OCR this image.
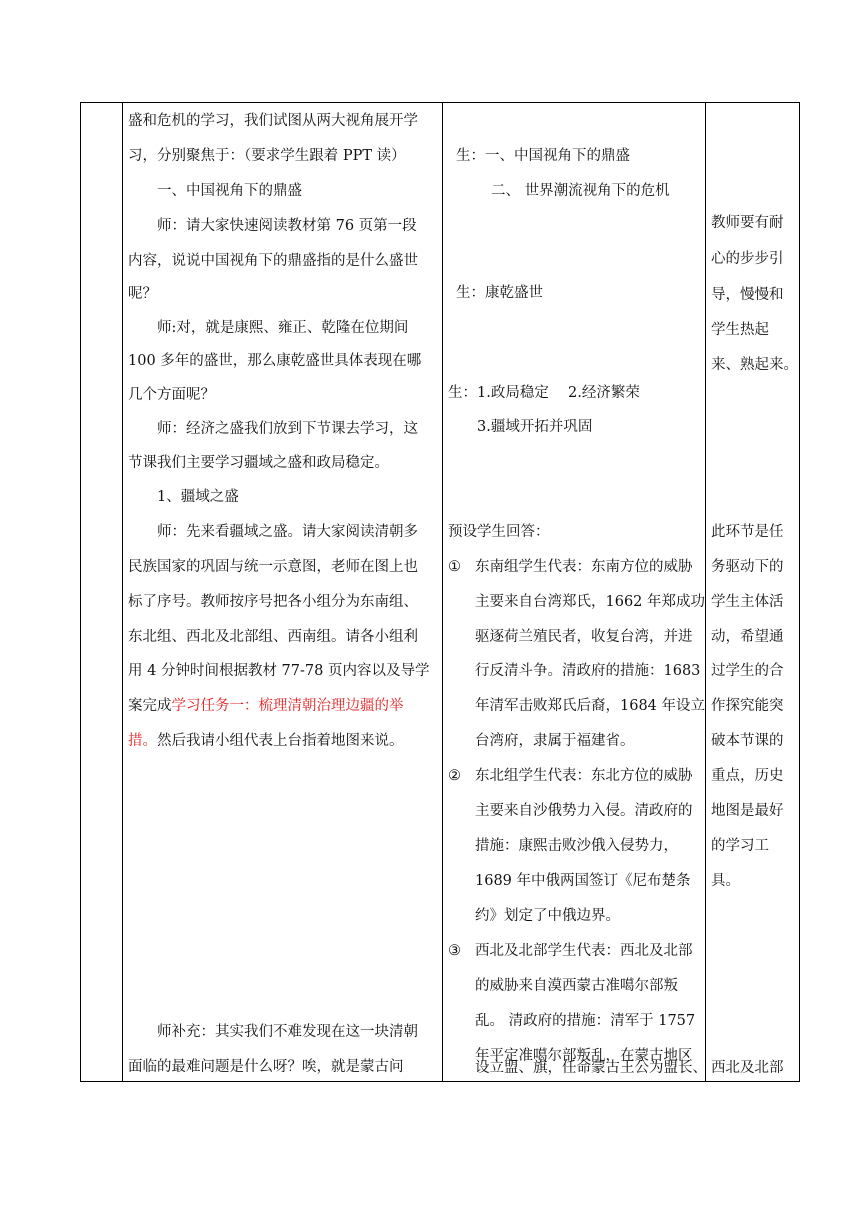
盛和危机的学习，我们试图从两大视角展开学
习，分别聚焦于：（要求学生跟着 PPT 读）
一、中国视角下的鼎盛
师：请大家快速阅读教材第 76 页第一段
内容，说说中国视角下的鼎盛指的是什么盛世
呢？
师:对，就是康熙、雍正、乾隆在位期间
100 多年的盛世，那么康乾盛世具体表现在哪
几个方面呢？
师：经济之盛我们放到下节课去学习，这
节课我们主要学习疆域之盛和政局稳定。
1、疆域之盛
师：先来看疆域之盛。请大家阅读清朝多
民族国家的巩固与统一示意图，老师在图上也
标了序号。教师按序号把各小组分为东南组、
东北组、西北及北部组、西南组。请各小组利
用 4 分钟时间根据教材 77-78 页内容以及导学
案完成学习任务一：梳理清朝治理边疆的举
措。然后我请小组代表上台指着地图来说。
师补充：其实我们不难发现在这一块清朝
面临的最难问题是什么呀？唉，就是蒙古问
生：一、中国视角下的鼎盛
二、 世界潮流视角下的危机
生：康乾盛世
生：1.政局稳定 2.经济繁荣
3.疆域开拓并巩固
预设学生回答：
① 东南组学生代表：东南方位的威胁
主要来自台湾郑氏，1662 年郑成功
驱逐荷兰殖民者，收复台湾，并进
行反清斗争。清政府的措施：1683
年清军击败郑氏后裔，1684 年设立
台湾府，隶属于福建省。
② 东北组学生代表：东北方位的威胁
主要来自沙俄势力入侵。清政府的
措施：康熙击败沙俄入侵势力，
1689 年中俄两国签订《尼布楚条
约》划定了中俄边界。
③ 西北及北部学生代表：西北及北部
的威胁来自漠西蒙古准噶尔部叛
乱。 清政府的措施：清军于 1757
年平定准噶尔部叛乱，在蒙古地区
设立盟、旗，任命蒙古王公为盟长、
教师要有耐
心的步步引
导，慢慢和
学生热起
来、熟起来。
此环节是任
务驱动下的
学生主体活
动，希望通
过学生的合
作探究能突
破本节课的
重点，历史
地图是最好
的学习工
具。
西北及北部
